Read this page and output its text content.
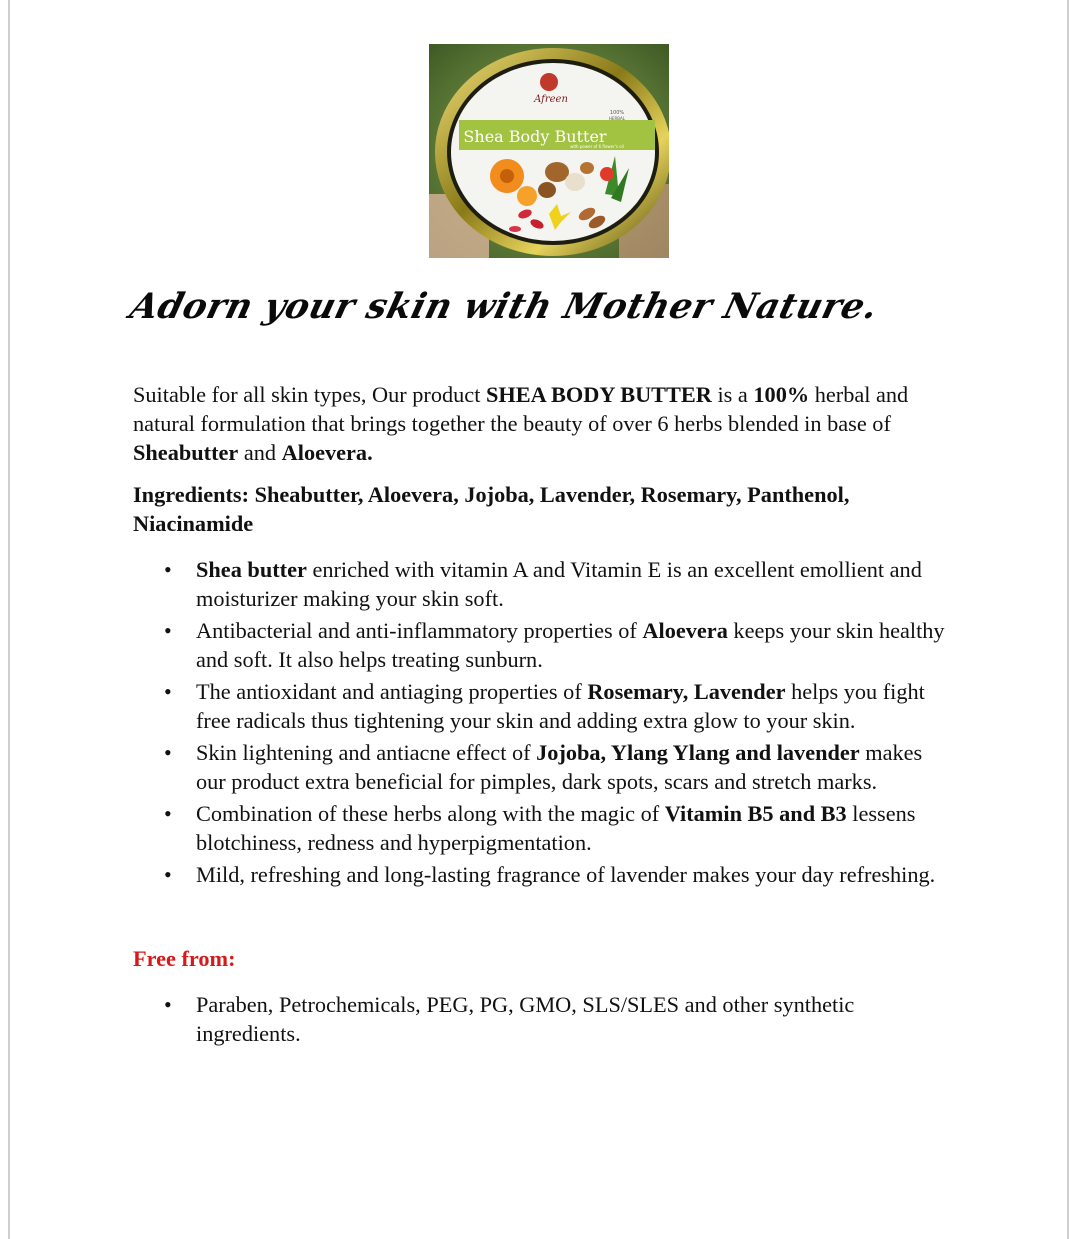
Shea Body Butter
with power of 6 flower's oil
Afreen
100%
HERBAL
Adorn your skin with Mother Nature.

Suitable for all skin types, Our product SHEA BODY BUTTER is a 100% herbal and natural formulation that brings together the beauty of over 6 herbs blended in base of Sheabutter and Aloevera.

Ingredients: Sheabutter, Aloevera, Jojoba, Lavender, Rosemary, Panthenol, Niacinamide

• Shea butter enriched with vitamin A and Vitamin E is an excellent emollient and moisturizer making your skin soft.
• Antibacterial and anti-inflammatory properties of Aloevera keeps your skin healthy and soft. It also helps treating sunburn.
• The antioxidant and antiaging properties of Rosemary, Lavender helps you fight free radicals thus tightening your skin and adding extra glow to your skin.
• Skin lightening and antiacne effect of Jojoba, Ylang Ylang and lavender makes our product extra beneficial for pimples, dark spots, scars and stretch marks.
• Combination of these herbs along with the magic of Vitamin B5 and B3 lessens blotchiness, redness and hyperpigmentation.
• Mild, refreshing and long-lasting fragrance of lavender makes your day refreshing.

Free from:

• Paraben, Petrochemicals, PEG, PG, GMO, SLS/SLES and other synthetic ingredients.
